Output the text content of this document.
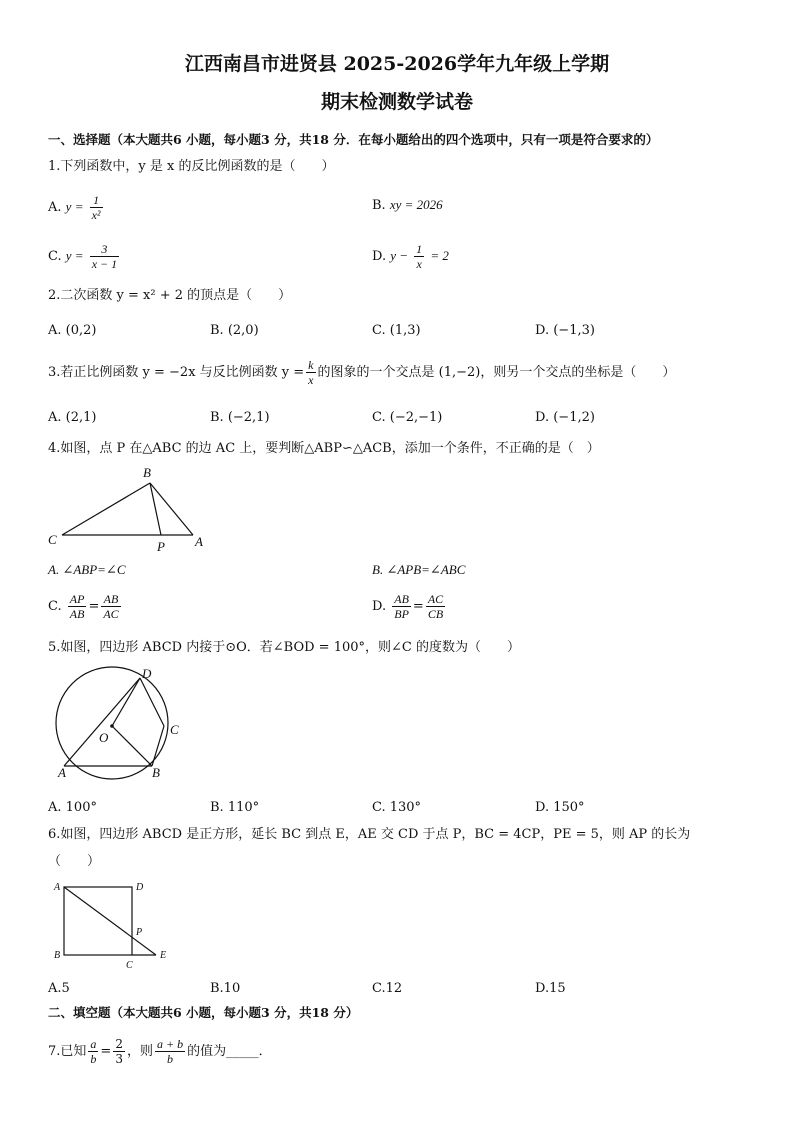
江西南昌市进贤县 2025-2026学年九年级上学期
期末检测数学试卷
一、选择题（本大题共6 小题，每小题3 分，共18 分．在每小题给出的四个选项中，只有一项是符合要求的）
1.下列函数中，y 是 x 的反比例函数的是（　　）
A. $y = \frac{1}{\text{x²}}$	B. xy = 2026
C. $y = \frac{3}{x - 1}$	D. $y - \frac{1}{x} = 2$
2.二次函数 y = x² + 2 的顶点是（　　）
A. (0,2)	B. (2,0)	C. (1,3)	D. (−1,3)
3.若正比例函数 y = −2x 与反比例函数 $y = \frac{k}{x}$ 的图象的一个交点是 (1,−2)，则另一个交点的坐标是（　　）
A. (2,1)	B. (−2,1)	C. (−2,−1)	D. (−1,2)
4.如图，点 P 在△ABC 的边 AC 上，要判断△ABP∽△ACB，添加一个条件，不正确的是（　）
B
C	P A
A. ∠ABP=∠C	B. ∠APB=∠ABC
C. $\frac{AP}{AB} = \frac{AB}{AC}$	D. $\frac{AB}{BP} = \frac{AC}{CB}$
5.如图，四边形 ABCD 内接于⊙O．若∠BOD = 100°，则∠C 的度数为（　　）
D
O
C
A	B
A. 100°	B. 110°	C. 130°	D. 150°
6.如图，四边形 ABCD 是正方形，延长 BC 到点 E，AE 交 CD 于点 P，BC = 4CP，PE = 5，则 AP 的长为
（　　）
A	D
P
B
C
E
A.5	B.10	C.12	D.15
二、填空题（本大题共6 小题，每小题3 分，共18 分）
7.已知 $\frac{a}{b} = \frac{2}{3}$ ，则 $\frac{a + b}{b}$ 的值为_____．
